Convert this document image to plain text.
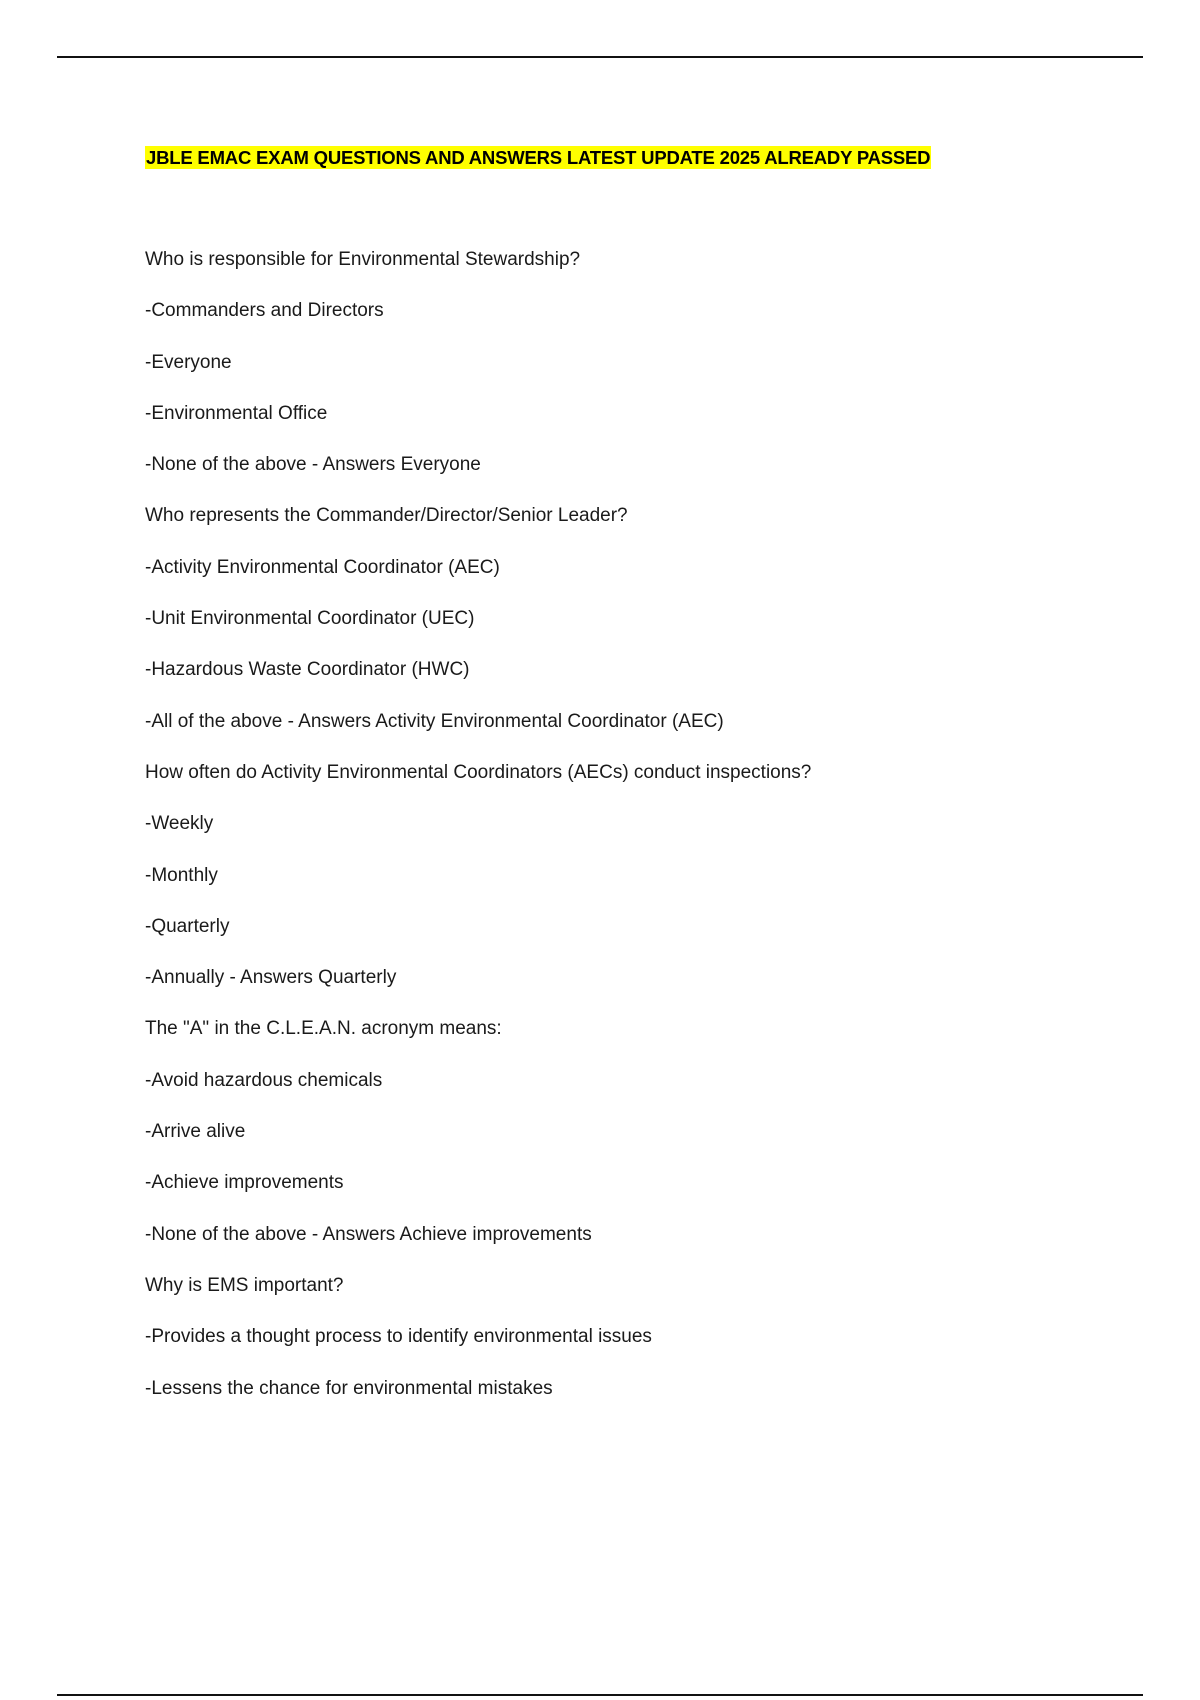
JBLE EMAC EXAM QUESTIONS AND ANSWERS LATEST UPDATE 2025 ALREADY PASSED

Who is responsible for Environmental Stewardship?

-Commanders and Directors

-Everyone

-Environmental Office

-None of the above - Answers Everyone

Who represents the Commander/Director/Senior Leader?

-Activity Environmental Coordinator (AEC)

-Unit Environmental Coordinator (UEC)

-Hazardous Waste Coordinator (HWC)

-All of the above - Answers Activity Environmental Coordinator (AEC)

How often do Activity Environmental Coordinators (AECs) conduct inspections?

-Weekly

-Monthly

-Quarterly

-Annually - Answers Quarterly

The "A" in the C.L.E.A.N. acronym means:

-Avoid hazardous chemicals

-Arrive alive

-Achieve improvements

-None of the above - Answers Achieve improvements

Why is EMS important?

-Provides a thought process to identify environmental issues

-Lessens the chance for environmental mistakes
